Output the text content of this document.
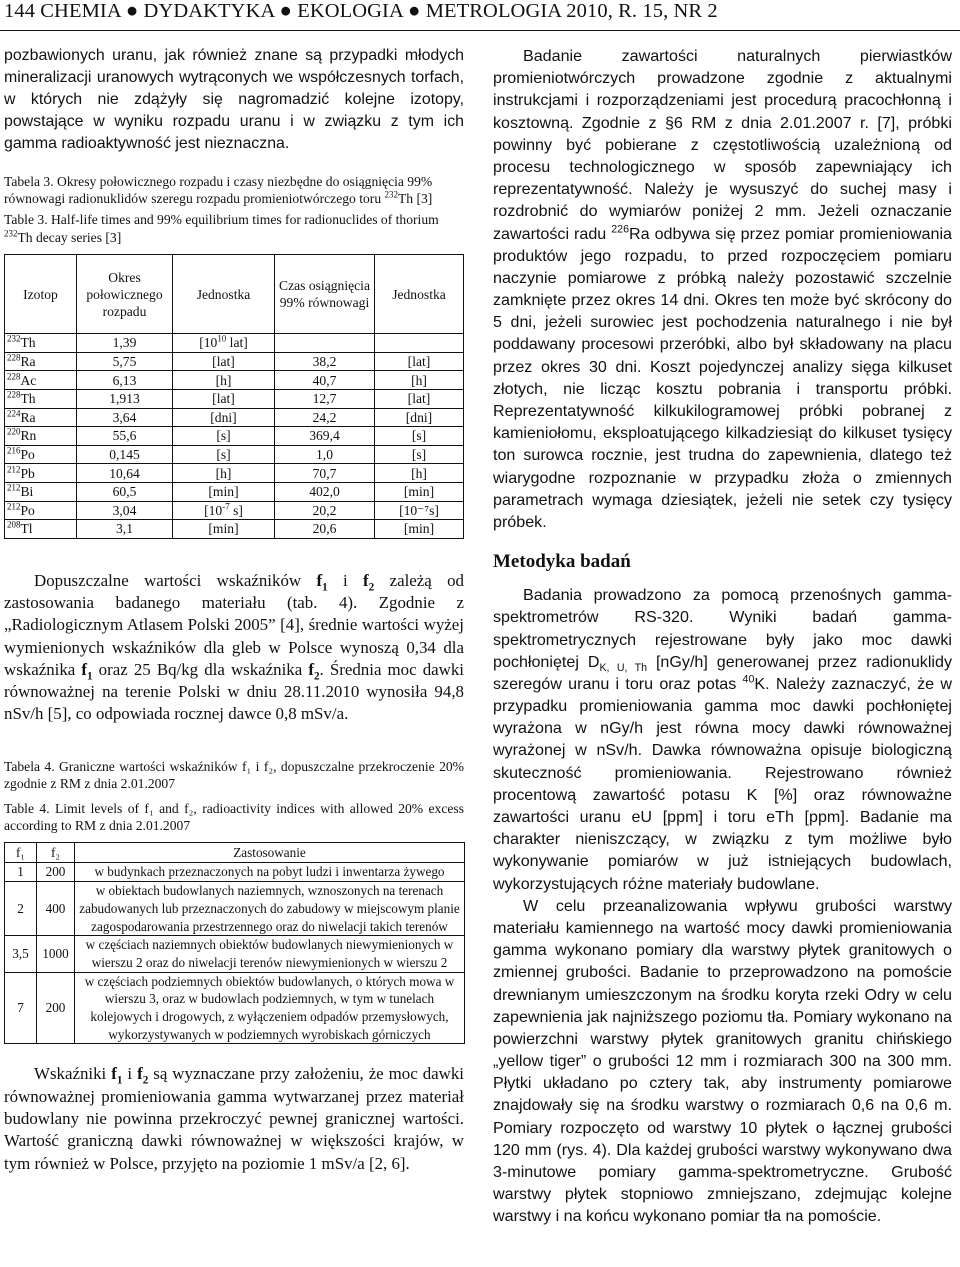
144 CHEMIA ● DYDAKTYKA ● EKOLOGIA ● METROLOGIA 2010, R. 15, NR 2

pozbawionych uranu, jak również znane są przypadki młodych mineralizacji uranowych wytrąconych we współczesnych torfach, w których nie zdążyły się nagromadzić kolejne izotopy, powstające w wyniku rozpadu uranu i w związku z tym ich gamma radioaktywność jest nieznaczna.

Tabela 3. Okresy połowicznego rozpadu i czasy niezbędne do osiągnięcia 99% równowagi radionuklidów szeregu rozpadu promieniotwórczego toru $^{232}$Th [3]
Table 3. Half-life times and 99% equilibrium times for radionuclides of thorium $^{232}$Th decay series [3]
Izotop	Okres połowicznego rozpadu	Jednostka	Czas osiągnięcia 99% równowagi	Jednostka
$^{232}$Th	1,39	[$10^{10}$ lat]		
$^{228}$Ra	5,75	[lat]	38,2	[lat]
$^{228}$Ac	6,13	[h]	40,7	[h]
$^{228}$Th	1,913	[lat]	12,7	[lat]
$^{224}$Ra	3,64	[dni]	24,2	[dni]
$^{220}$Rn	55,6	[s]	369,4	[s]
$^{216}$Po	0,145	[s]	1,0	[s]
$^{212}$Pb	10,64	[h]	70,7	[h]
$^{212}$Bi	60,5	[min]	402,0	[min]
$^{212}$Po	3,04	[$10^{-7}$ s]	20,2	[10⁻⁷s]
$^{208}$Tl	3,1	[min]	20,6	[min]

Dopuszczalne wartości wskaźników $f_1$ i $f_2$ zależą od zastosowania badanego materiału (tab. 4). Zgodnie z „Radiologicznym Atlasem Polski 2005” [4], średnie wartości wyżej wymienionych wskaźników dla gleb w Polsce wynoszą 0,34 dla wskaźnika $f_1$ oraz 25 Bq/kg dla wskaźnika $f_2$. Średnia moc dawki równoważnej na terenie Polski w dniu 28.11.2010 wynosiła 94,8 nSv/h [5], co odpowiada rocznej dawce 0,8 mSv/a.

Tabela 4. Graniczne wartości wskaźników f₁ i f₂, dopuszczalne przekroczenie 20% zgodnie z RM z dnia 2.01.2007

Table 4. Limit levels of f₁ and f₂, radioactivity indices with allowed 20% excess according to RM z dnia 2.01.2007

f₁	f₂	Zastosowanie
1	200	w budynkach przeznaczonych na pobyt ludzi i inwentarza żywego
2	400	w obiektach budowlanych naziemnych, wznoszonych na terenach zabudowanych lub przeznaczonych do zabudowy w miejscowym planie zagospodarowania przestrzennego oraz do niwelacji takich terenów
3,5	1000	w częściach naziemnych obiektów budowlanych niewymienionych w wierszu 2 oraz do niwelacji terenów niewymienionych w wierszu 2
7	200	w częściach podziemnych obiektów budowlanych, o których mowa w wierszu 3, oraz w budowlach podziemnych, w tym w tunelach kolejowych i drogowych, z wyłączeniem odpadów przemysłowych, wykorzystywanych w podziemnych wyrobiskach górniczych

Wskaźniki $f_1$ i $f_2$ są wyznaczane przy założeniu, że moc dawki równoważnej promieniowania gamma wytwarzanej przez materiał budowlany nie powinna przekroczyć pewnej granicznej wartości. Wartość graniczną dawki równoważnej w większości krajów, w tym również w Polsce, przyjęto na poziomie 1 mSv/a [2, 6].

Badanie zawartości naturalnych pierwiastków promieniotwórczych prowadzone zgodnie z aktualnymi instrukcjami i rozporządzeniami jest procedurą pracochłonną i kosztowną. Zgodnie z §6 RM z dnia 2.01.2007 r. [7], próbki powinny być pobierane z częstotliwością uzależnioną od procesu technologicznego w sposób zapewniający ich reprezentatywność. Należy je wysuszyć do suchej masy i rozdrobnić do wymiarów poniżej 2 mm. Jeżeli oznaczanie zawartości radu $^{226}$Ra odbywa się przez pomiar promieniowania produktów jego rozpadu, to przed rozpoczęciem pomiaru naczynie pomiarowe z próbką należy pozostawić szczelnie zamknięte przez okres 14 dni. Okres ten może być skrócony do 5 dni, jeżeli surowiec jest pochodzenia naturalnego i nie był poddawany procesowi przeróbki, albo był składowany na placu przez okres 30 dni. Koszt pojedynczej analizy sięga kilkuset złotych, nie licząc kosztu pobrania i transportu próbki. Reprezentatywność kilkukilogramowej próbki pobranej z kamieniołomu, eksploatującego kilkadziesiąt do kilkuset tysięcy ton surowca rocznie, jest trudna do zapewnienia, dlatego też wiarygodne rozpoznanie w przypadku złoża o zmiennych parametrach wymaga dziesiątek, jeżeli nie setek czy tysięcy próbek.

Metodyka badań

Badania prowadzono za pomocą przenośnych gamma-spektrometrów RS-320. Wyniki badań gamma-spektrometrycznych rejestrowane były jako moc dawki pochłoniętej $D_{K, U, Th}$ [nGy/h] generowanej przez radionuklidy szeregów uranu i toru oraz potas $^{40}$K. Należy zaznaczyć, że w przypadku promieniowania gamma moc dawki pochłoniętej wyrażona w nGy/h jest równa mocy dawki równoważnej wyrażonej w nSv/h. Dawka równoważna opisuje biologiczną skuteczność promieniowania. Rejestrowano również procentową zawartość potasu K [%] oraz równoważne zawartości uranu eU [ppm] i toru eTh [ppm]. Badanie ma charakter nieniszczący, w związku z tym możliwe było wykonywanie pomiarów w już istniejących budowlach, wykorzystujących różne materiały budowlane.

W celu przeanalizowania wpływu grubości warstwy materiału kamiennego na wartość mocy dawki promieniowania gamma wykonano pomiary dla warstwy płytek granitowych o zmiennej grubości. Badanie to przeprowadzono na pomoście drewnianym umieszczonym na środku koryta rzeki Odry w celu zapewnienia jak najniższego poziomu tła. Pomiary wykonano na powierzchni warstwy płytek granitowych granitu chińskiego „yellow tiger” o grubości 12 mm i rozmiarach 300 na 300 mm. Płytki układano po cztery tak, aby instrumenty pomiarowe znajdowały się na środku warstwy o rozmiarach 0,6 na 0,6 m. Pomiary rozpoczęto od warstwy 10 płytek o łącznej grubości 120 mm (rys. 4). Dla każdej grubości warstwy wykonywano dwa 3-minutowe pomiary gamma-spektrometryczne. Grubość warstwy płytek stopniowo zmniejszano, zdejmując kolejne warstwy i na końcu wykonano pomiar tła na pomoście.
